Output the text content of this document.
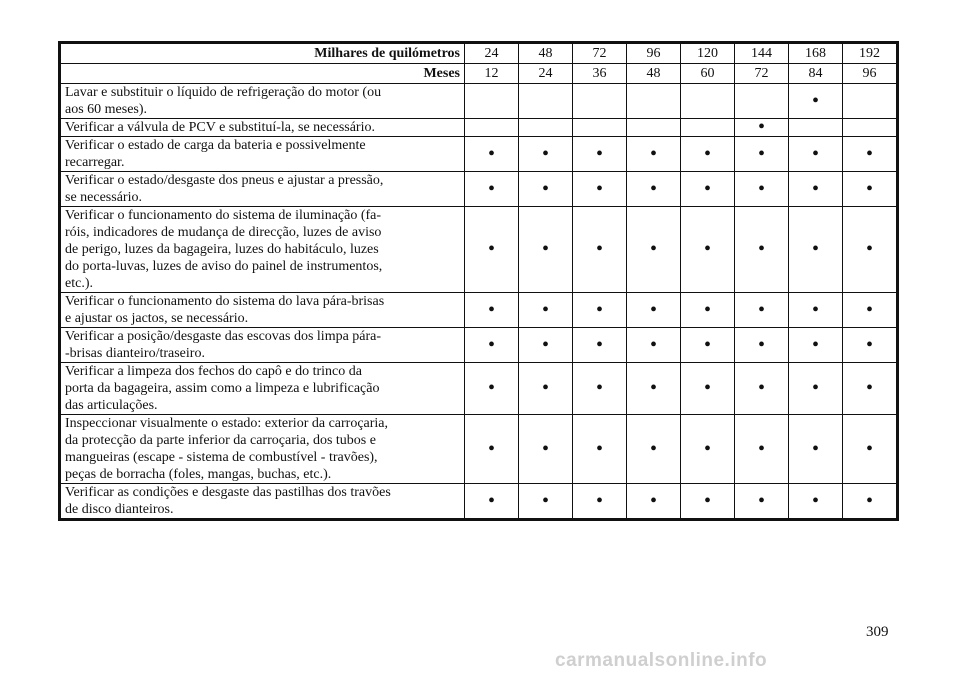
Milhares de quilómetros	24	48	72	96	120	144	168	192
Meses	12	24	36	48	60	72	84	96
Lavar e substituir o líquido de refrigeração do motor (ou
aos 60 meses).							•	
Verificar a válvula de PCV e substituí-la, se necessário.						•		
Verificar o estado de carga da bateria e possivelmente
recarregar.	•	•	•	•	•	•	•	•
Verificar o estado/desgaste dos pneus e ajustar a pressão,
se necessário.	•	•	•	•	•	•	•	•
Verificar o funcionamento do sistema de iluminação (fa-
róis, indicadores de mudança de direcção, luzes de aviso
de perigo, luzes da bagageira, luzes do habitáculo, luzes
do porta-luvas, luzes de aviso do painel de instrumentos,
etc.).	•	•	•	•	•	•	•	•
Verificar o funcionamento do sistema do lava pára-brisas
e ajustar os jactos, se necessário.	•	•	•	•	•	•	•	•
Verificar a posição/desgaste das escovas dos limpa pára-
-brisas dianteiro/traseiro.	•	•	•	•	•	•	•	•
Verificar a limpeza dos fechos do capô e do trinco da
porta da bagageira, assim como a limpeza e lubrificação
das articulações.	•	•	•	•	•	•	•	•
Inspeccionar visualmente o estado: exterior da carroçaria,
da protecção da parte inferior da carroçaria, dos tubos e
mangueiras (escape - sistema de combustível - travões),
peças de borracha (foles, mangas, buchas, etc.).	•	•	•	•	•	•	•	•
Verificar as condições e desgaste das pastilhas dos travões
de disco dianteiros.	•	•	•	•	•	•	•	•
309
carmanualsonline.info
